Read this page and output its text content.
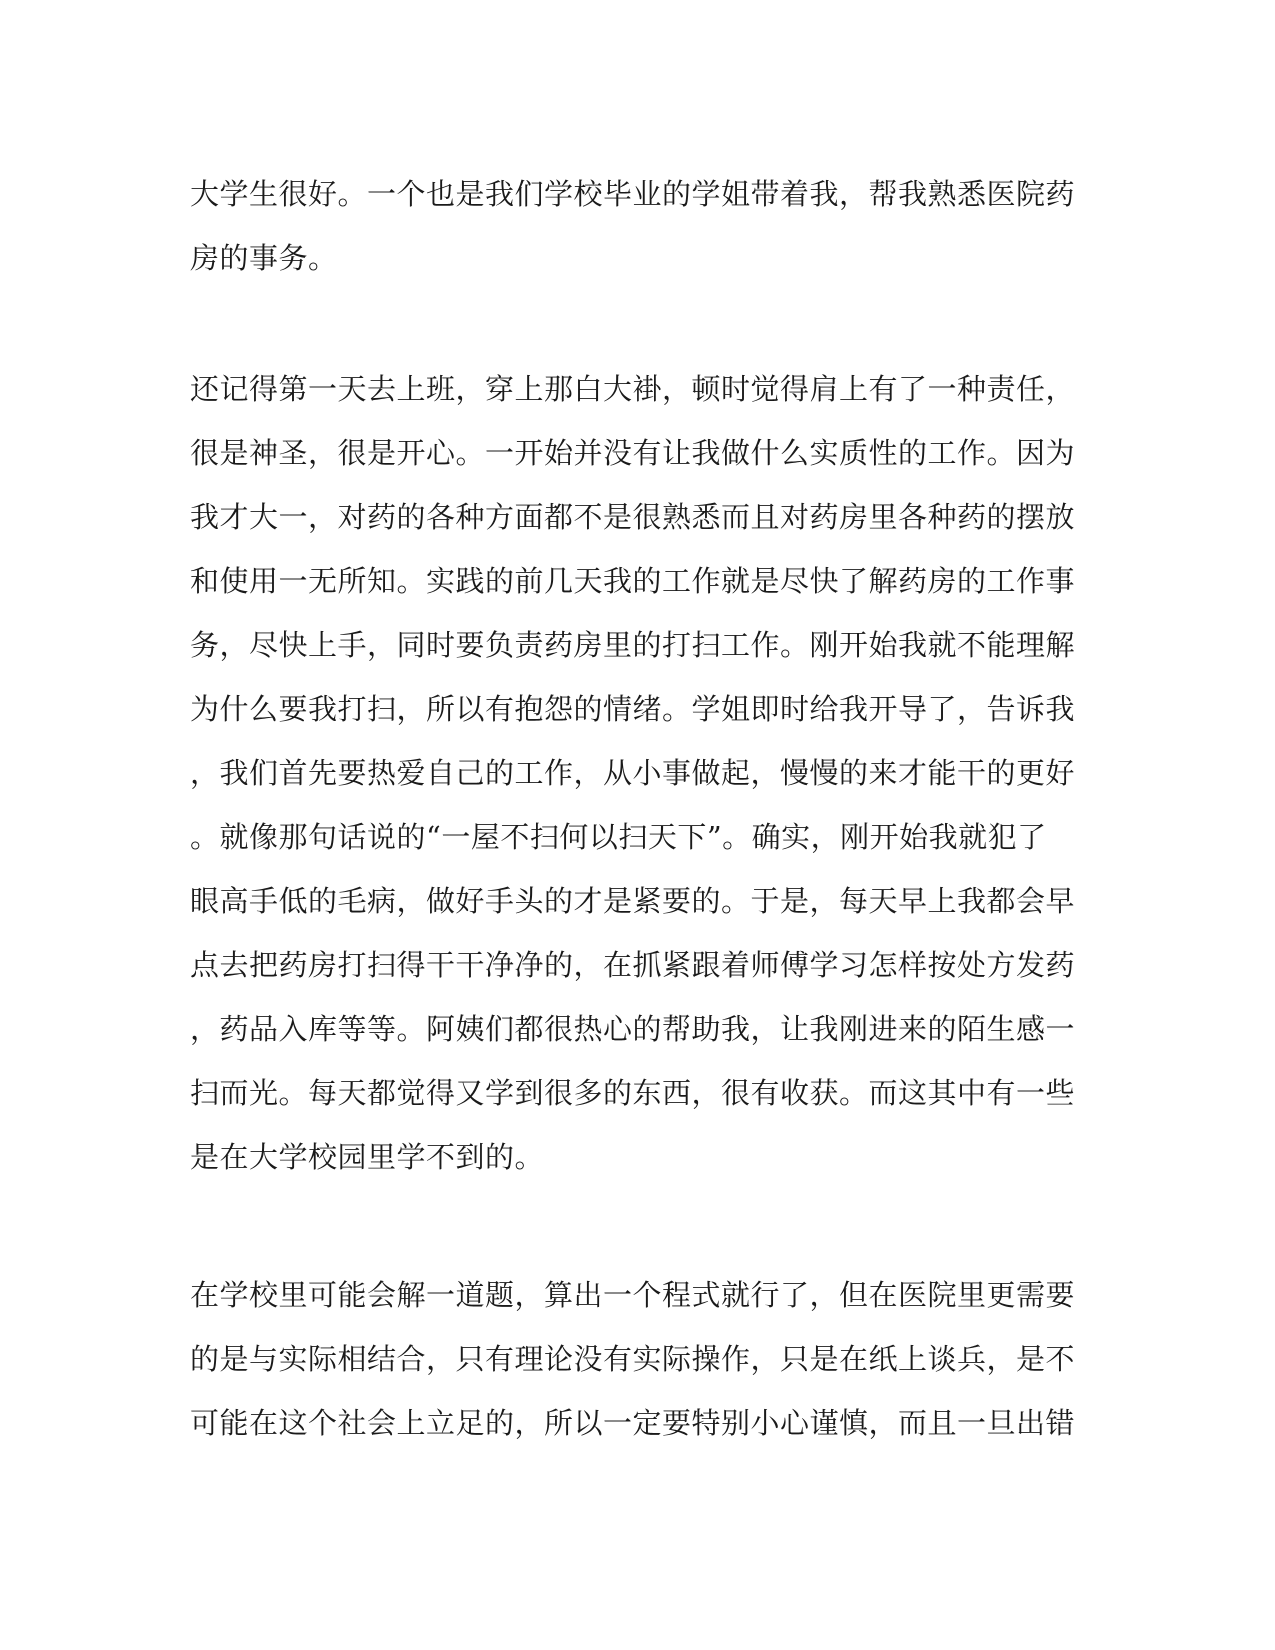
大学生很好。一个也是我们学校毕业的学姐带着我，帮我熟悉医院药
房的事务。
还记得第一天去上班，穿上那白大褂，顿时觉得肩上有了一种责任，
很是神圣，很是开心。一开始并没有让我做什么实质性的工作。因为
我才大一，对药的各种方面都不是很熟悉而且对药房里各种药的摆放
和使用一无所知。实践的前几天我的工作就是尽快了解药房的工作事
务，尽快上手，同时要负责药房里的打扫工作。刚开始我就不能理解
为什么要我打扫，所以有抱怨的情绪。学姐即时给我开导了，告诉我
，我们首先要热爱自己的工作，从小事做起，慢慢的来才能干的更好
。就像那句话说的“一屋不扫何以扫天下”。确实，刚开始我就犯了
眼高手低的毛病，做好手头的才是紧要的。于是，每天早上我都会早
点去把药房打扫得干干净净的，在抓紧跟着师傅学习怎样按处方发药
，药品入库等等。阿姨们都很热心的帮助我，让我刚进来的陌生感一
扫而光。每天都觉得又学到很多的东西，很有收获。而这其中有一些
是在大学校园里学不到的。
在学校里可能会解一道题，算出一个程式就行了，但在医院里更需要
的是与实际相结合，只有理论没有实际操作，只是在纸上谈兵，是不
可能在这个社会上立足的，所以一定要特别小心谨慎，而且一旦出错
